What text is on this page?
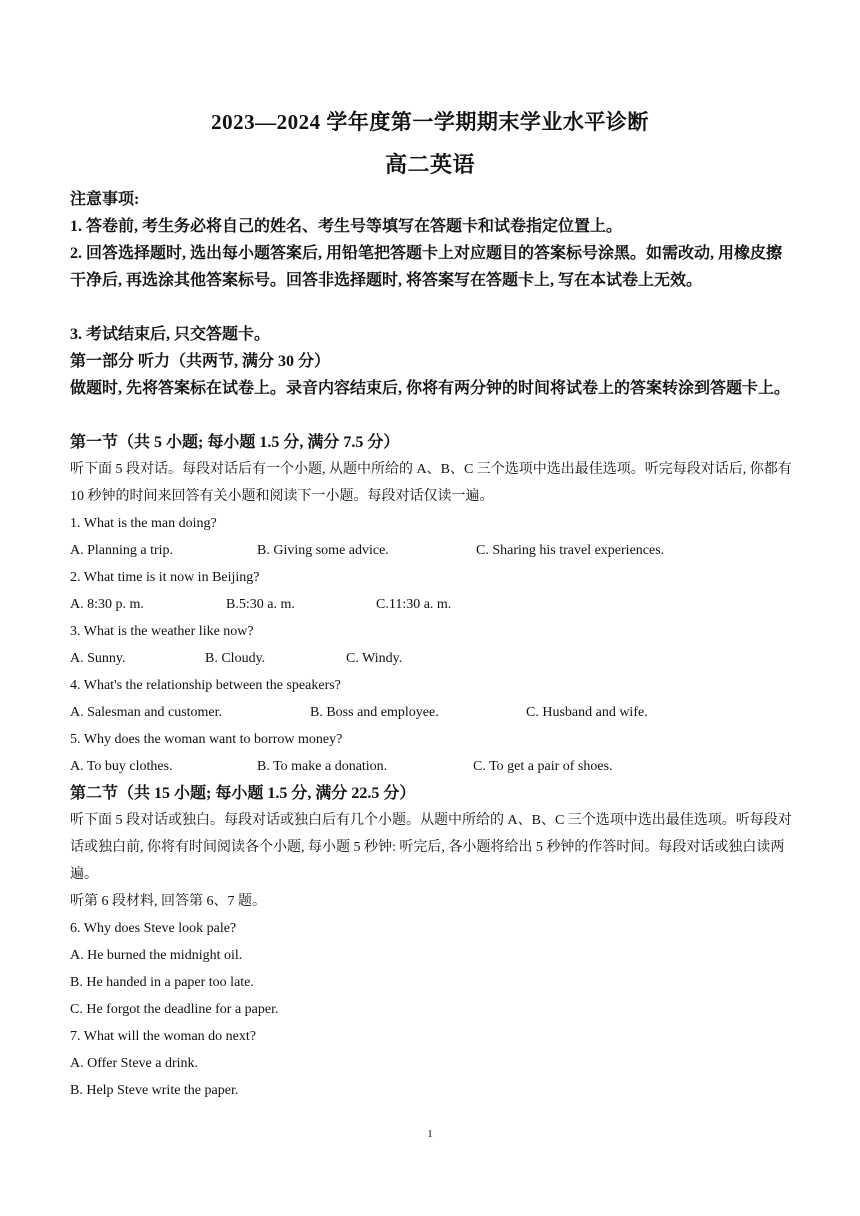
2023—2024 学年度第一学期期末学业水平诊断
高二英语
注意事项:
1. 答卷前, 考生务必将自己的姓名、考生号等填写在答题卡和试卷指定位置上。
2. 回答选择题时, 选出每小题答案后, 用铅笔把答题卡上对应题目的答案标号涂黑。如需改动, 用橡皮擦干净后, 再选涂其他答案标号。回答非选择题时, 将答案写在答题卡上, 写在本试卷上无效。
3. 考试结束后, 只交答题卡。
第一部分 听力（共两节, 满分 30 分）
做题时, 先将答案标在试卷上。录音内容结束后, 你将有两分钟的时间将试卷上的答案转涂到答题卡上。
第一节（共 5 小题; 每小题 1.5 分, 满分 7.5 分）
听下面 5 段对话。每段对话后有一个小题, 从题中所给的 A、B、C 三个选项中选出最佳选项。听完每段对话后, 你都有 10 秒钟的时间来回答有关小题和阅读下一小题。每段对话仅读一遍。
1. What is the man doing?
A. Planning a trip.	B. Giving some advice.	C. Sharing his travel experiences.
2. What time is it now in Beijing?
A. 8:30 p. m.	B.5:30 a. m.	C.11:30 a. m.
3. What is the weather like now?
A. Sunny.	B. Cloudy.	C. Windy.
4. What's the relationship between the speakers?
A. Salesman and customer.	B. Boss and employee.	C. Husband and wife.
5. Why does the woman want to borrow money?
A. To buy clothes.	B. To make a donation.	C. To get a pair of shoes.
第二节（共 15 小题; 每小题 1.5 分, 满分 22.5 分）
听下面 5 段对话或独白。每段对话或独白后有几个小题。从题中所给的 A、B、C 三个选项中选出最佳选项。听每段对话或独白前, 你将有时间阅读各个小题, 每小题 5 秒钟: 听完后, 各小题将给出 5 秒钟的作答时间。每段对话或独白读两遍。
听第 6 段材料, 回答第 6、7 题。
6. Why does Steve look pale?
A. He burned the midnight oil.
B. He handed in a paper too late.
C. He forgot the deadline for a paper.
7. What will the woman do next?
A. Offer Steve a drink.
B. Help Steve write the paper.
1
